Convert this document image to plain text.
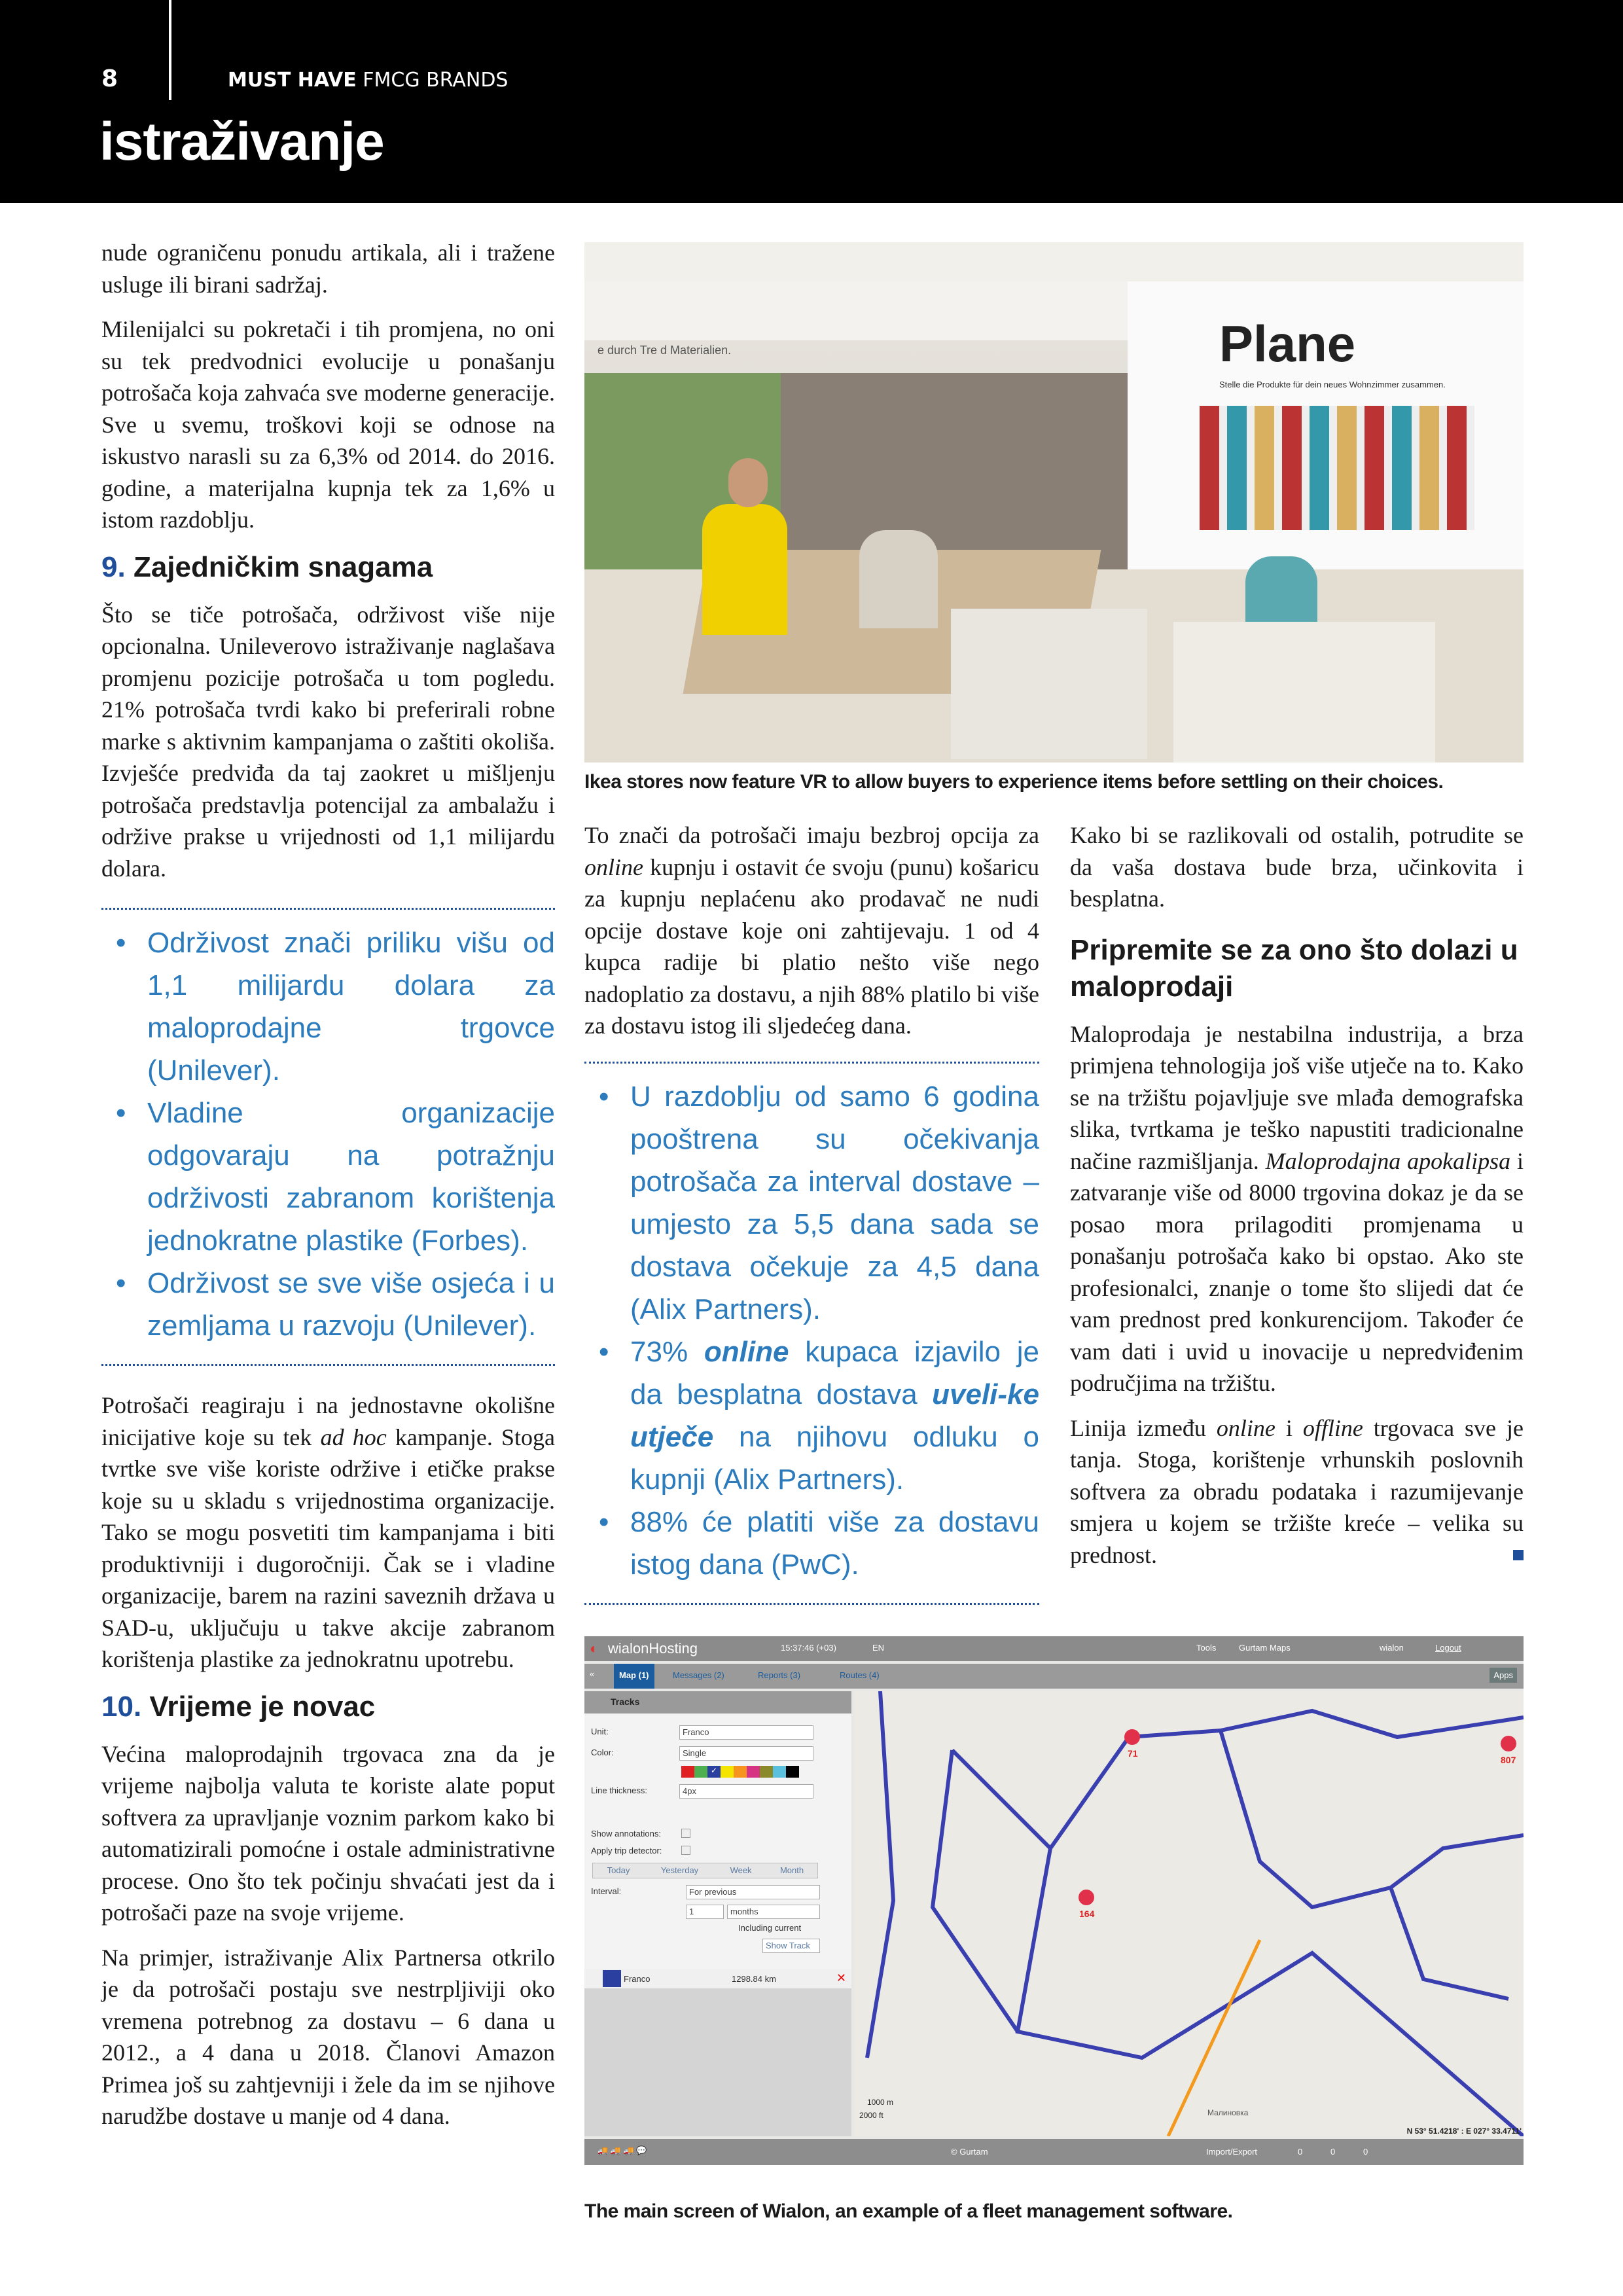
8	MUST HAVE FMCG BRANDS
istraživanje

nude ograničenu ponudu artikala, ali i tražene usluge ili birani sadržaj.

Milenijalci su pokretači i tih promjena, no oni su tek predvodnici evolucije u ponašanju potrošača koja zahvaća sve moderne generacije. Sve u svemu, troškovi koji se odnose na iskustvo narasli su za 6,3% od 2014. do 2016. godine, a materijalna kupnja tek za 1,6% u istom razdoblju.

9. Zajedničkim snagama

Što se tiče potrošača, održivost više nije opcionalna. Unileverovo istraživanje naglašava promjenu pozicije potrošača u tom pogledu. 21% potrošača tvrdi kako bi preferirali robne marke s aktivnim kampanjama o zaštiti okoliša. Izvješće predviđa da taj zaokret u mišljenju potrošača predstavlja potencijal za ambalažu i održive prakse u vrijednosti od 1,1 milijardu dolara.

• Održivost znači priliku višu od 1,1 milijardu dolara za maloprodajne trgovce (Unilever).
• Vladine organizacije odgovaraju na potražnju održivosti zabranom korištenja jednokratne plastike (Forbes).
• Održivost se sve više osjeća i u zemljama u razvoju (Unilever).

Potrošači reagiraju i na jednostavne okolišne inicijative koje su tek ad hoc kampanje. Stoga tvrtke sve više koriste održive i etičke prakse koje su u skladu s vrijednostima organizacije. Tako se mogu posvetiti tim kampanjama i biti produktivniji i dugoročniji. Čak se i vladine organizacije, barem na razini saveznih država u SAD-u, uključuju u takve akcije zabranom korištenja plastike za jednokratnu upotrebu.

10. Vrijeme je novac

Većina maloprodajnih trgovaca zna da je vrijeme najbolja valuta te koriste alate poput softvera za upravljanje voznim parkom kako bi automatizirali pomoćne i ostale administrativne procese. Ono što tek počinju shvaćati jest da i potrošači paze na svoje vrijeme.

Na primjer, istraživanje Alix Partnersa otkrilo je da potrošači postaju sve nestrpljiviji oko vremena potrebnog za dostavu – 6 dana u 2012., a 4 dana u 2018. Članovi Amazon Primea još su zahtjevniji i žele da im se njihove narudžbe dostave u manje od 4 dana.

e durch Tre d Materialien.	Plane
Stelle die Produkte für dein neues Wohnzimmer zusammen.
Ikea stores now feature VR to allow buyers to experience items before settling on their choices.

To znači da potrošači imaju bezbroj opcija za online kupnju i ostavit će svoju (punu) košaricu za kupnju neplaćenu ako prodavač ne nudi opcije dostave koje oni zahtijevaju. 1 od 4 kupca radije bi platio nešto više nego nadoplatio za dostavu, a njih 88% platilo bi više za dostavu istog ili sljedećeg dana.

• U razdoblju od samo 6 godina pooštrena su očekivanja potrošača za interval dostave – umjesto za 5,5 dana sada se dostava očekuje za 4,5 dana (Alix Partners).
• 73% online kupaca izjavilo je da besplatna dostava uveli-ke utječe na njihovu odluku o kupnji (Alix Partners).
• 88% će platiti više za dostavu istog dana (PwC).

Kako bi se razlikovali od ostalih, potrudite se da vaša dostava bude brza, učinkovita i besplatna.

Pripremite se za ono što dolazi u maloprodaji

Maloprodaja je nestabilna industrija, a brza primjena tehnologija još više utječe na to. Kako se na tržištu pojavljuje sve mlađa demografska slika, tvrtkama je teško napustiti tradicionalne načine razmišljanja. Maloprodajna apokalipsa i zatvaranje više od 8000 trgovina dokaz je da se posao mora prilagoditi promjenama u ponašanju potrošača kako bi opstao. Ako ste profesionalci, znanje o tome što slijedi dat će vam prednost pred konkurencijom. Također će vam dati i uvid u inovacije u nepredviđenim područjima na tržištu.

Linija između online i offline trgovaca sve je tanja. Stoga, korištenje vrhunskih poslovnih softvera za obradu podataka i razumijevanje smjera u kojem se tržište kreće – velika su prednost.

◐ wialonHosting	15:37:46 (+03)	EN	Tools	Gurtam Maps	wialon	Logout
«	Map (1)	Messages (2)	Reports (3)	Routes (4)	Apps
Tracks
Unit:	Franco
Color:	Single
✓
Line thickness:	4px
Show annotations:
Apply trip detector:
Today	Yesterday	Week	Month
Interval:	For previous
1	months
Including current
Show Track
Franco	1298.84 km	✕
71
807
164
Малиновка
1000 m
2000 ft
N 53° 51.4218' : E 027° 33.4711'
🚚 🚚 🚚 💬	© Gurtam	Import/Export	0	0	0
The main screen of Wialon, an example of a fleet management software.
